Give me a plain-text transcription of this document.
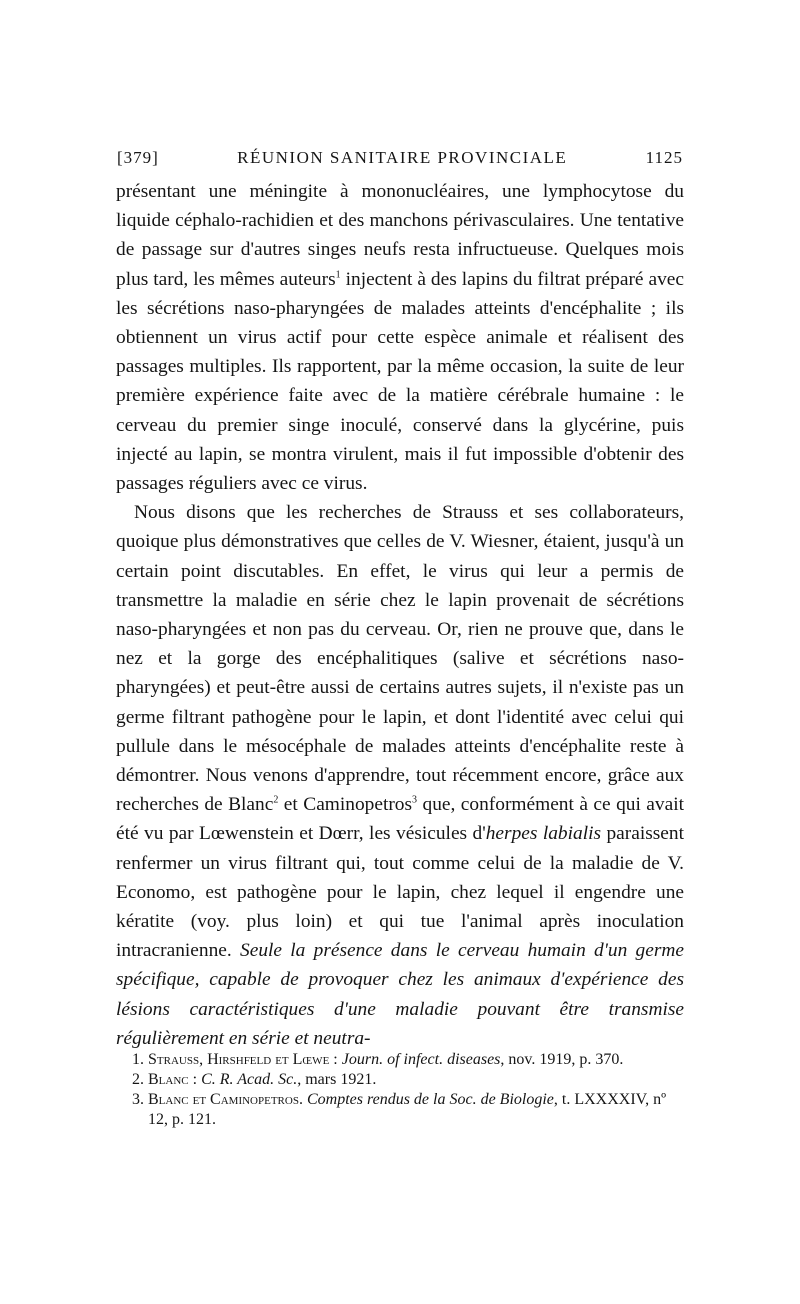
[379]	RÉUNION SANITAIRE PROVINCIALE	1125

présentant une méningite à mononucléaires, une lymphocytose du liquide céphalo-rachidien et des manchons périvasculaires. Une tentative de passage sur d'autres singes neufs resta infructueuse. Quelques mois plus tard, les mêmes auteurs$^1$ injectent à des lapins du filtrat préparé avec les sécrétions naso-pharyngées de malades atteints d'encéphalite ; ils obtiennent un virus actif pour cette espèce animale et réalisent des passages multiples. Ils rapportent, par la même occasion, la suite de leur première expérience faite avec de la matière cérébrale humaine : le cerveau du premier singe inoculé, conservé dans la glycérine, puis injecté au lapin, se montra virulent, mais il fut impossible d'obtenir des passages réguliers avec ce virus.

Nous disons que les recherches de Strauss et ses collaborateurs, quoique plus démonstratives que celles de V. Wiesner, étaient, jusqu'à un certain point discutables. En effet, le virus qui leur a permis de transmettre la maladie en série chez le lapin provenait de sécrétions naso-pharyngées et non pas du cerveau. Or, rien ne prouve que, dans le nez et la gorge des encéphalitiques (salive et sécrétions naso-pharyngées) et peut-être aussi de certains autres sujets, il n'existe pas un germe filtrant pathogène pour le lapin, et dont l'identité avec celui qui pullule dans le mésocéphale de malades atteints d'encéphalite reste à démontrer. Nous venons d'apprendre, tout récemment encore, grâce aux recherches de Blanc$^2$ et Caminopetros$^3$ que, conformément à ce qui avait été vu par Lœwenstein et Dœrr, les vésicules d'herpes labialis paraissent renfermer un virus filtrant qui, tout comme celui de la maladie de V. Economo, est pathogène pour le lapin, chez lequel il engendre une kératite (voy. plus loin) et qui tue l'animal après inoculation intracranienne. Seule la présence dans le cerveau humain d'un germe spécifique, capable de provoquer chez les animaux d'expérience des lésions caractéristiques d'une maladie pouvant être transmise régulièrement en série et neutra-

1. Strauss, Hirshfeld et Lœwe : Journ. of infect. diseases, nov. 1919, p. 370.

2. Blanc : C. R. Acad. Sc., mars 1921.

3. Blanc et Caminopetros. Comptes rendus de la Soc. de Biologie, t. LXXXXIV, nº 12, p. 121.
